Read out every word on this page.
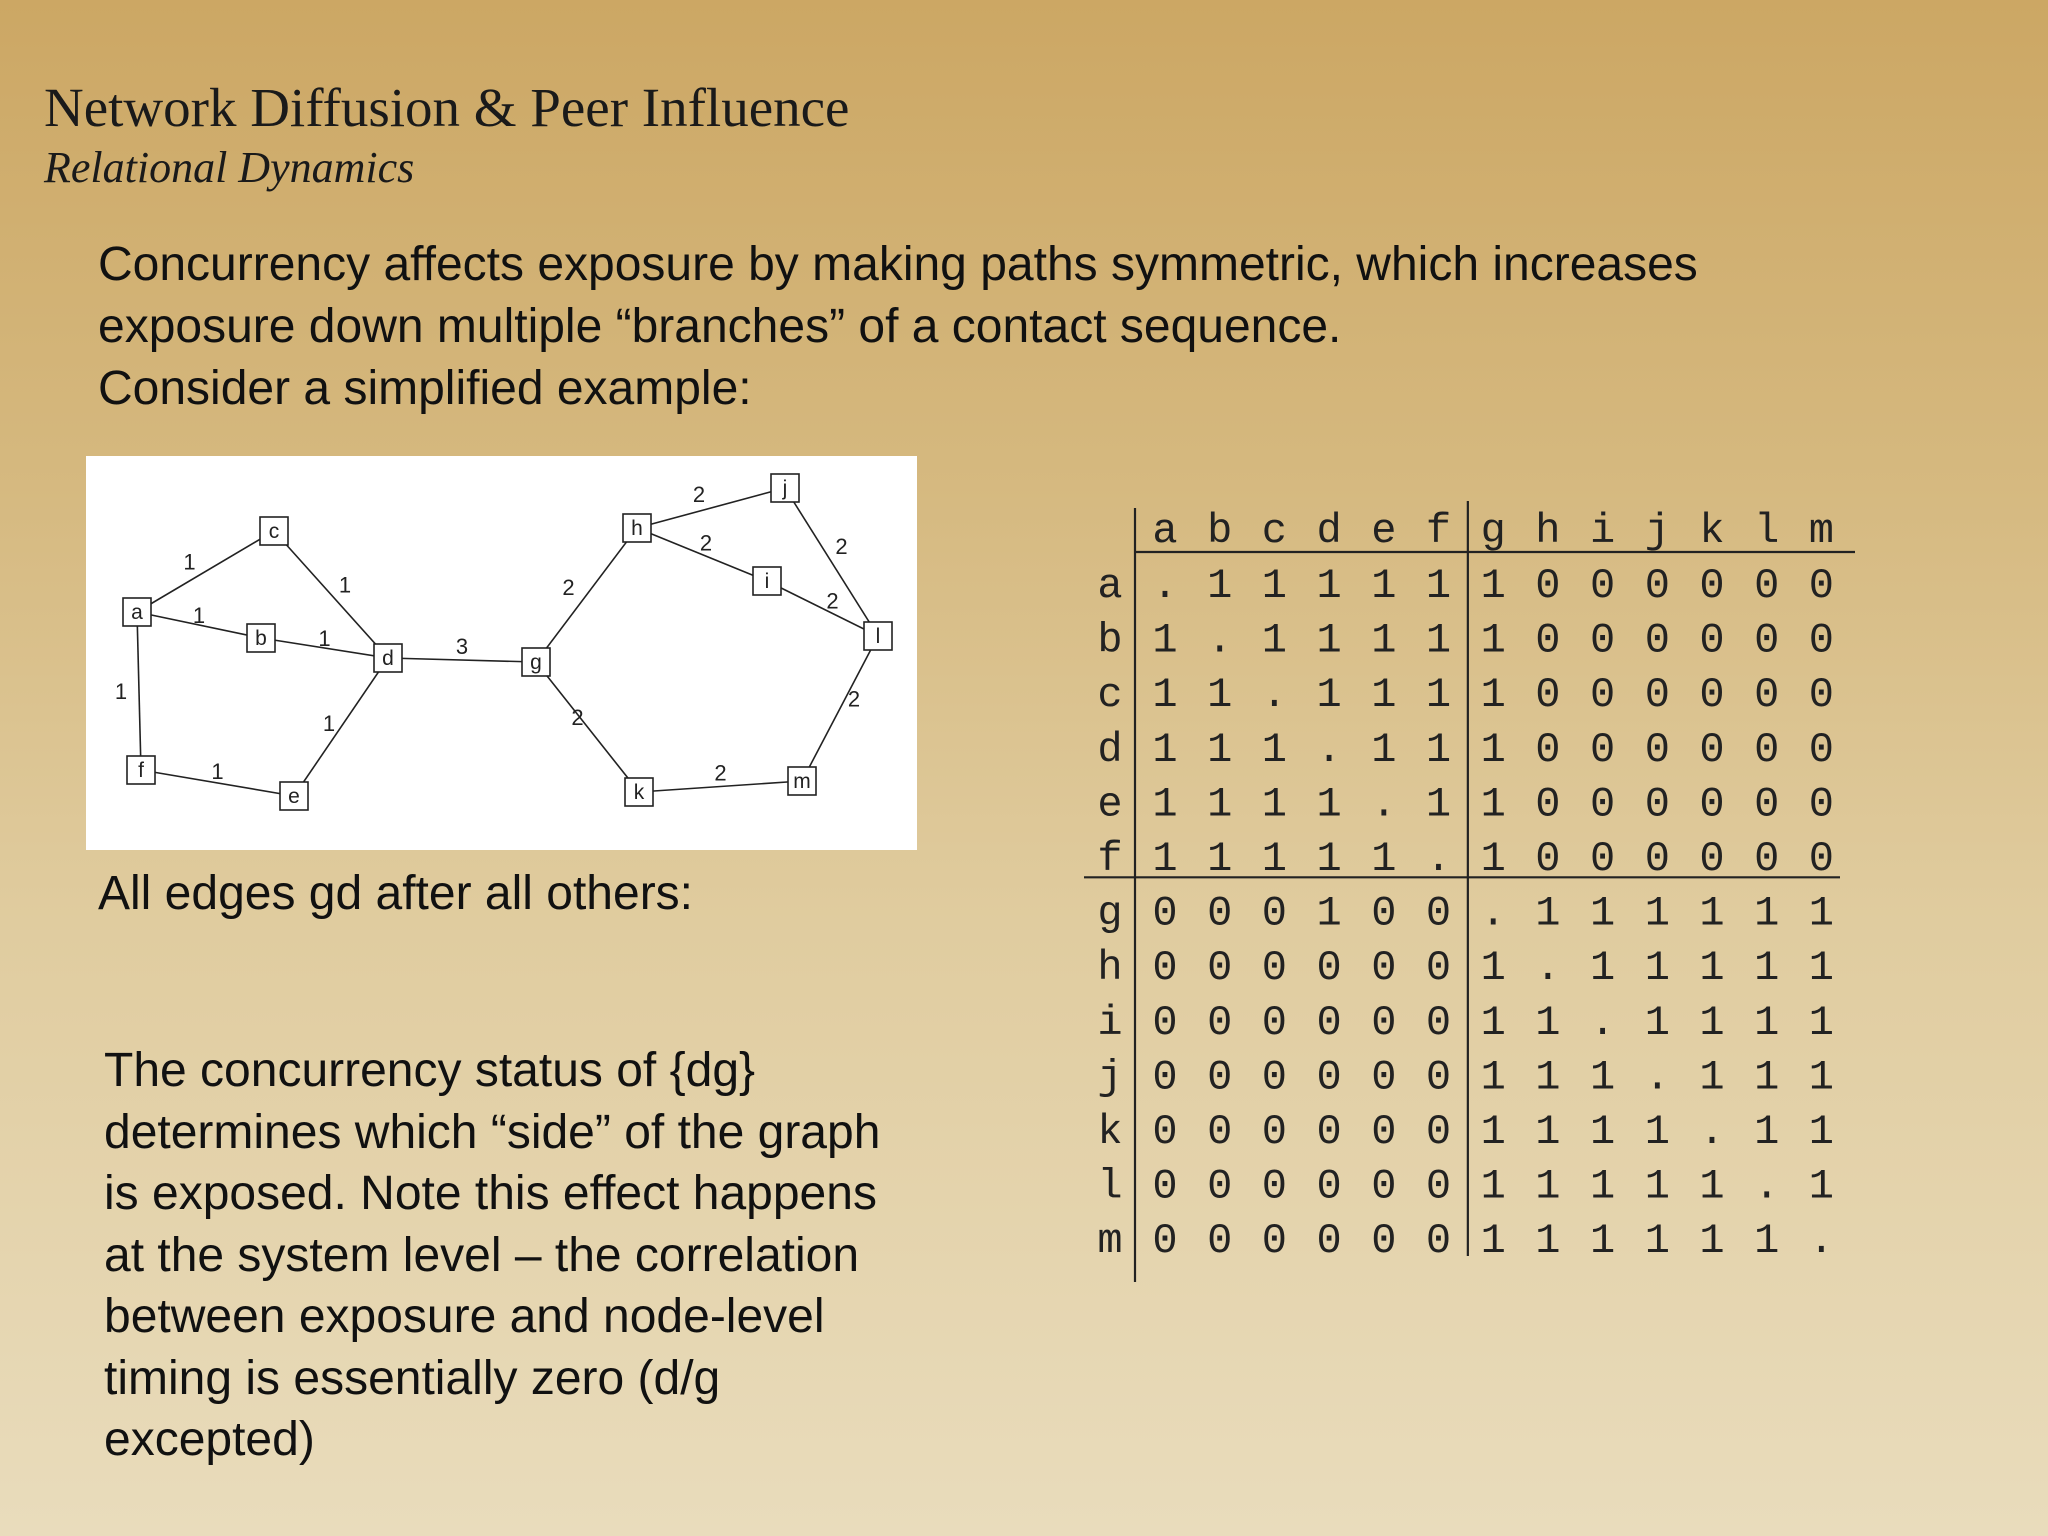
Network Diffusion & Peer Influence
Relational Dynamics
Concurrency affects exposure by making paths symmetric, which increases
exposure down multiple “branches” of a contact sequence.
Consider a simplified example:
1
1
1
1
1
1
1
3
2
2
2
2	2
2
2
2
a
b
c
d
e
f
g
h
i
j
l
k	m
All edges gd after all others:
The concurrency status of {dg}
determines which “side” of the graph
is exposed. Note this effect happens
at the system level – the correlation
between exposure and node-level
timing is essentially zero (d/g
excepted)
a b c d e f g h i j k l m
a . 1 1 1 1 1 1 0 0 0 0 0 0
b 1 . 1 1 1 1 1 0 0 0 0 0 0
c 1 1 . 1 1 1 1 0 0 0 0 0 0
d 1 1 1 . 1 1 1 0 0 0 0 0 0
e 1 1 1 1 . 1 1 0 0 0 0 0 0
f 1 1 1 1 1 . 1 0 0 0 0 0 0
g 0 0 0 1 0 0 . 1 1 1 1 1 1
h 0 0 0 0 0 0 1 . 1 1 1 1 1
i 0 0 0 0 0 0 1 1 . 1 1 1 1
j 0 0 0 0 0 0 1 1 1 . 1 1 1
k 0 0 0 0 0 0 1 1 1 1 . 1 1
l 0 0 0 0 0 0 1 1 1 1 1 . 1
m 0 0 0 0 0 0 1 1 1 1 1 1 .
